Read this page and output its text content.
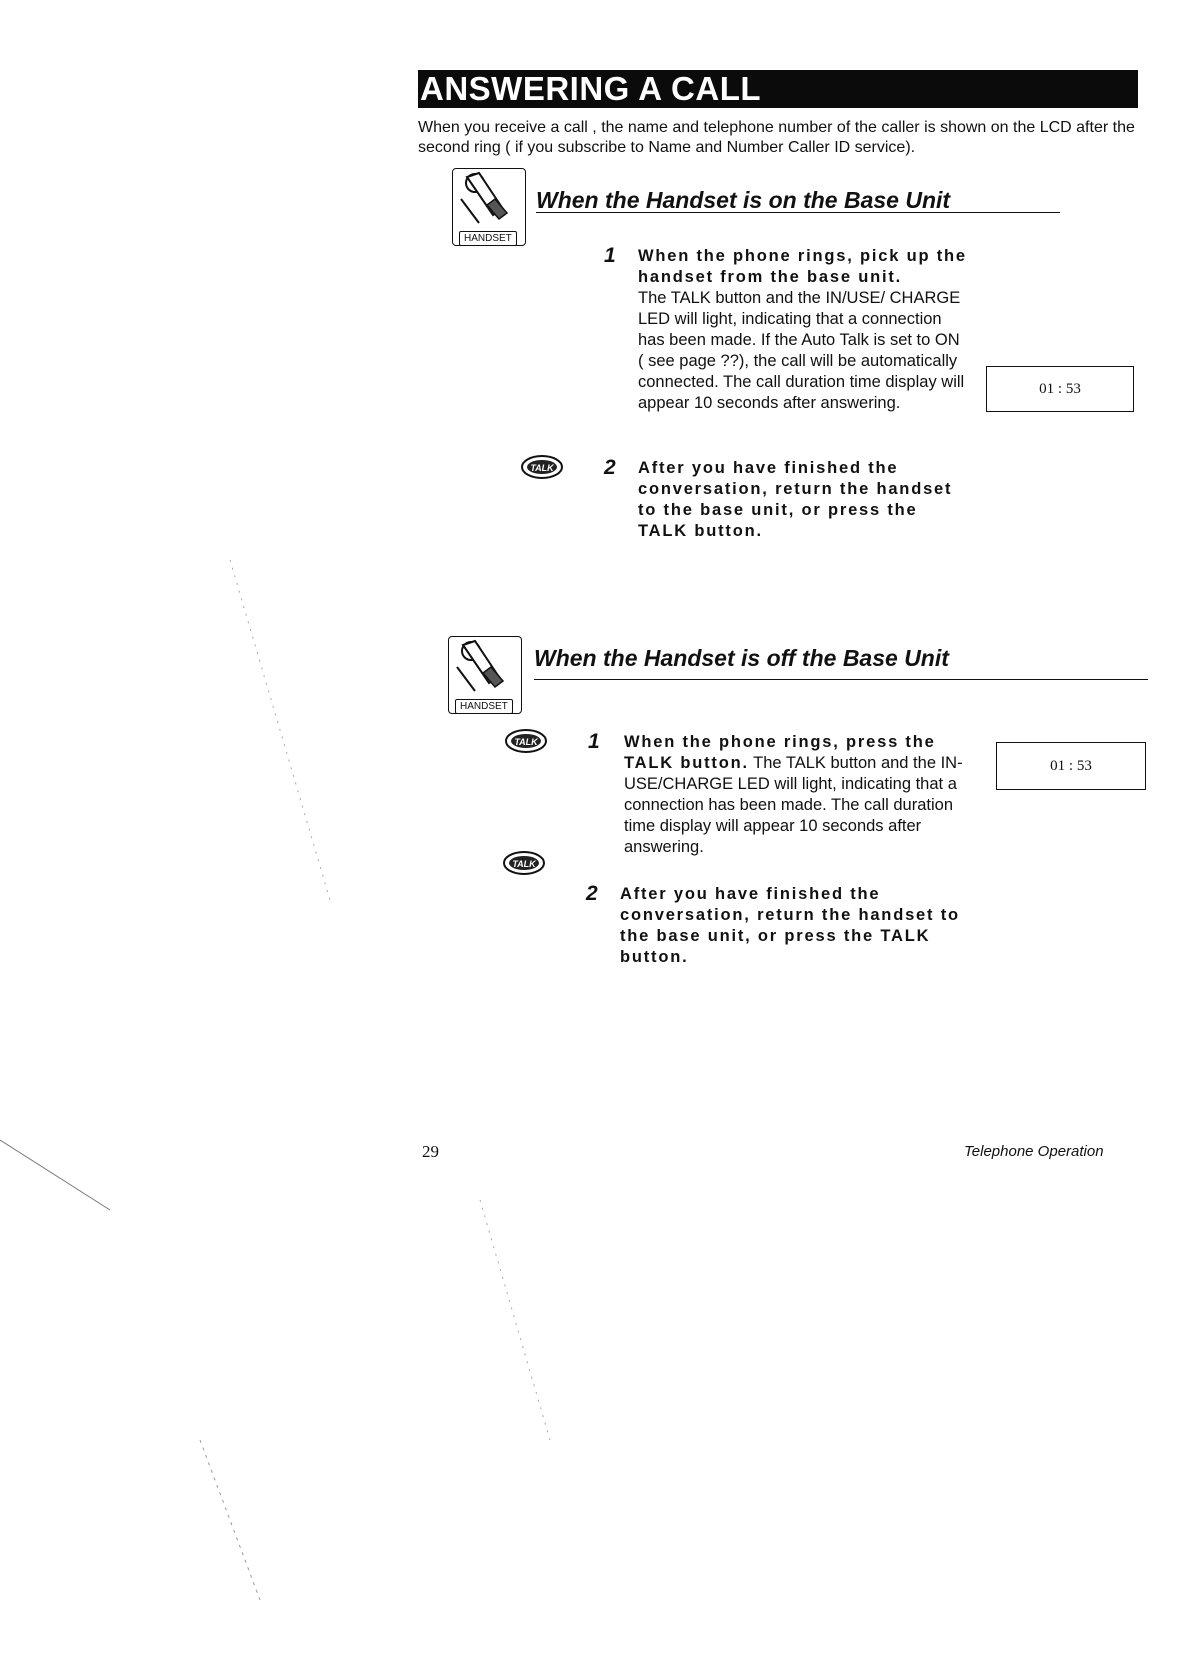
ANSWERING A CALL
When you receive a call , the name and telephone number of the caller is shown on the LCD after the second ring ( if you subscribe to Name and Number Caller ID service).
HANDSET
When the Handset is on the Base Unit
1 When the phone rings, pick up the handset from the base unit.
The TALK button and the IN/USE/ CHARGE LED will light, indicating that a connection has been made. If the Auto Talk is set to ON ( see page ??), the call will be automatically connected. The call duration time display will appear 10 seconds after answering.
01 : 53
TALK 2 After you have finished the conversation, return the handset to the base unit, or press the TALK button.
HANDSET
When the Handset is off the Base Unit
TALK 1 When the phone rings, press the TALK button. The TALK button and the IN-USE/CHARGE LED will light, indicating that a connection has been made. The call duration time display will appear 10 seconds after answering.
01 : 53
TALK
2 After you have finished the conversation, return the handset to the base unit, or press the TALK button.
29	Telephone Operation
